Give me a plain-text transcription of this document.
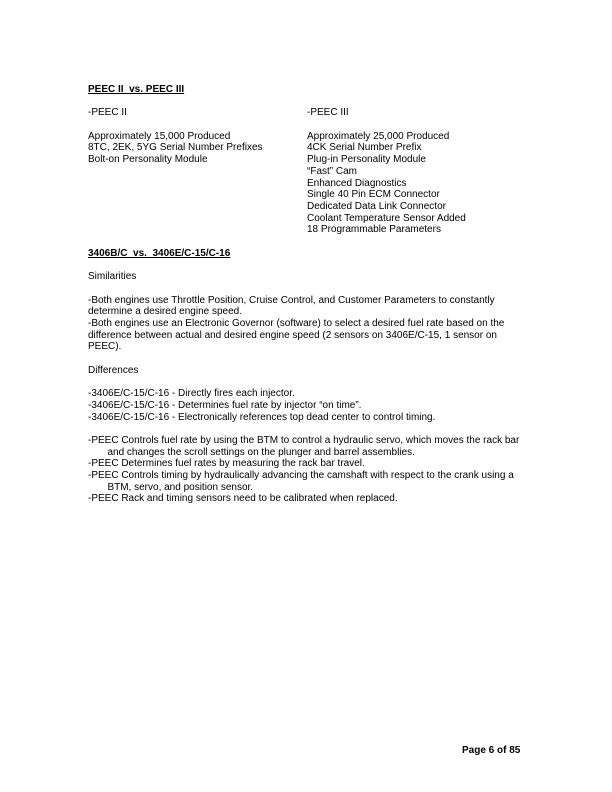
PEEC II  vs. PEEC III
-PEEC II
Approximately 15,000 Produced
8TC, 2EK, 5YG Serial Number Prefixes
Bolt-on Personality Module
-PEEC III
Approximately 25,000 Produced
4CK Serial Number Prefix
Plug-in Personality Module
“Fast” Cam
Enhanced Diagnostics
Single 40 Pin ECM Connector
Dedicated Data Link Connector
Coolant Temperature Sensor Added
18 Programmable Parameters
3406B/C  vs.  3406E/C-15/C-16
Similarities
-Both engines use Throttle Position, Cruise Control, and Customer Parameters to constantly
determine a desired engine speed.
-Both engines use an Electronic Governor (software) to select a desired fuel rate based on the
difference between actual and desired engine speed (2 sensors on 3406E/C-15, 1 sensor on
PEEC).
Differences
-3406E/C-15/C-16 - Directly fires each injector.
-3406E/C-15/C-16 - Determines fuel rate by injector “on time”.
-3406E/C-15/C-16 - Electronically references top dead center to control timing.
-PEEC Controls fuel rate by using the BTM to control a hydraulic servo, which moves the rack bar
and changes the scroll settings on the plunger and barrel assemblies.
-PEEC Determines fuel rates by measuring the rack bar travel.
-PEEC Controls timing by hydraulically advancing the camshaft with respect to the crank using a
BTM, servo, and position sensor.
-PEEC Rack and timing sensors need to be calibrated when replaced.
Page 6 of 85
